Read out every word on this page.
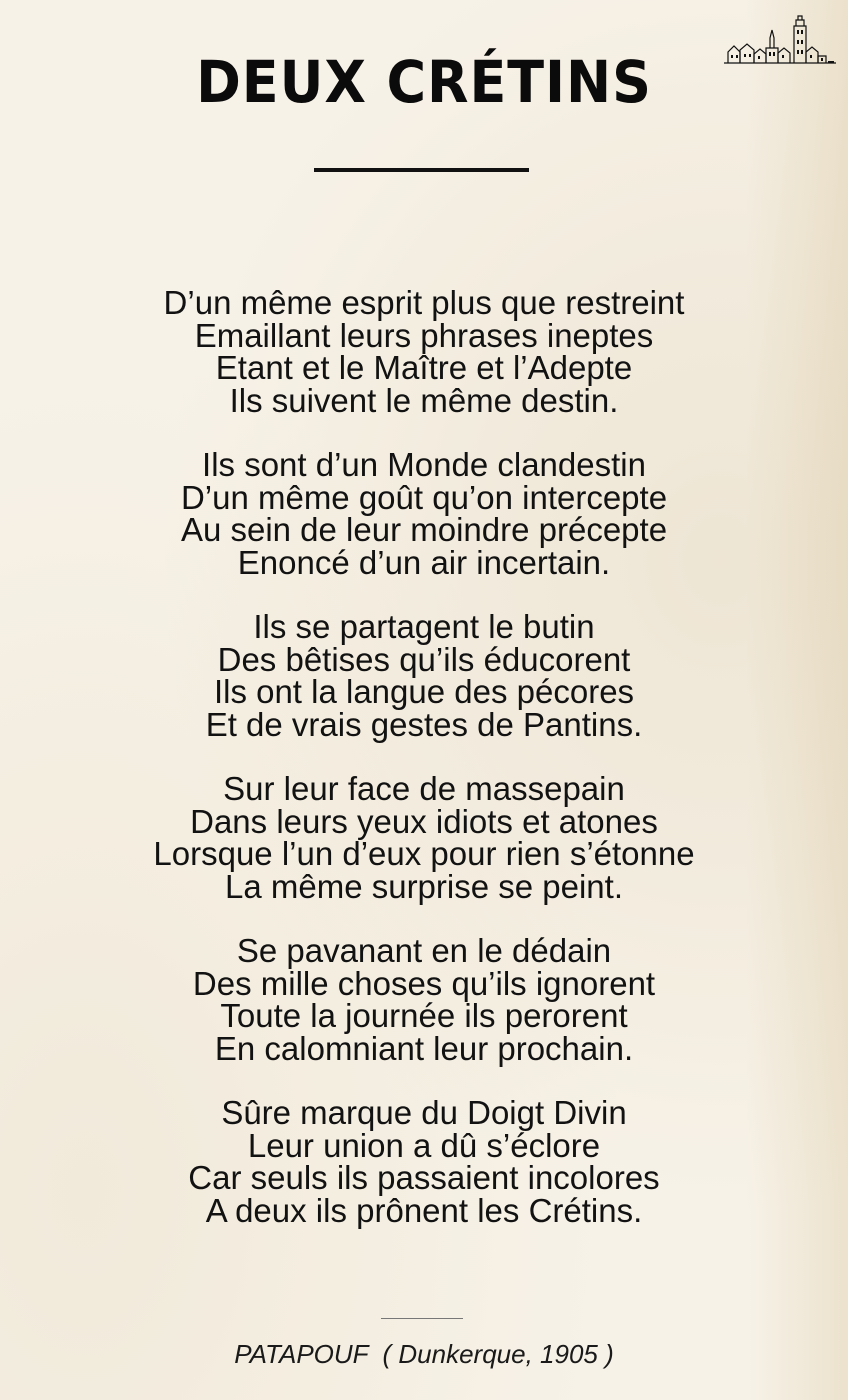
DEUX CRÉTINS
D’un même esprit plus que restreint
Emaillant leurs phrases ineptes
Etant et le Maître et l’Adepte
Ils suivent le même destin.
Ils sont d’un Monde clandestin
D’un même goût qu’on intercepte
Au sein de leur moindre précepte
Enoncé d’un air incertain.
Ils se partagent le butin
Des bêtises qu’ils éducorent
Ils ont la langue des pécores
Et de vrais gestes de Pantins.
Sur leur face de massepain
Dans leurs yeux idiots et atones
Lorsque l’un d’eux pour rien s’étonne
La même surprise se peint.
Se pavanant en le dédain
Des mille choses qu’ils ignorent
Toute la journée ils perorent
En calomniant leur prochain.
Sûre marque du Doigt Divin
Leur union a dû s’éclore
Car seuls ils passaient incolores
A deux ils prônent les Crétins.
PATAPOUF  ( Dunkerque, 1905 )
